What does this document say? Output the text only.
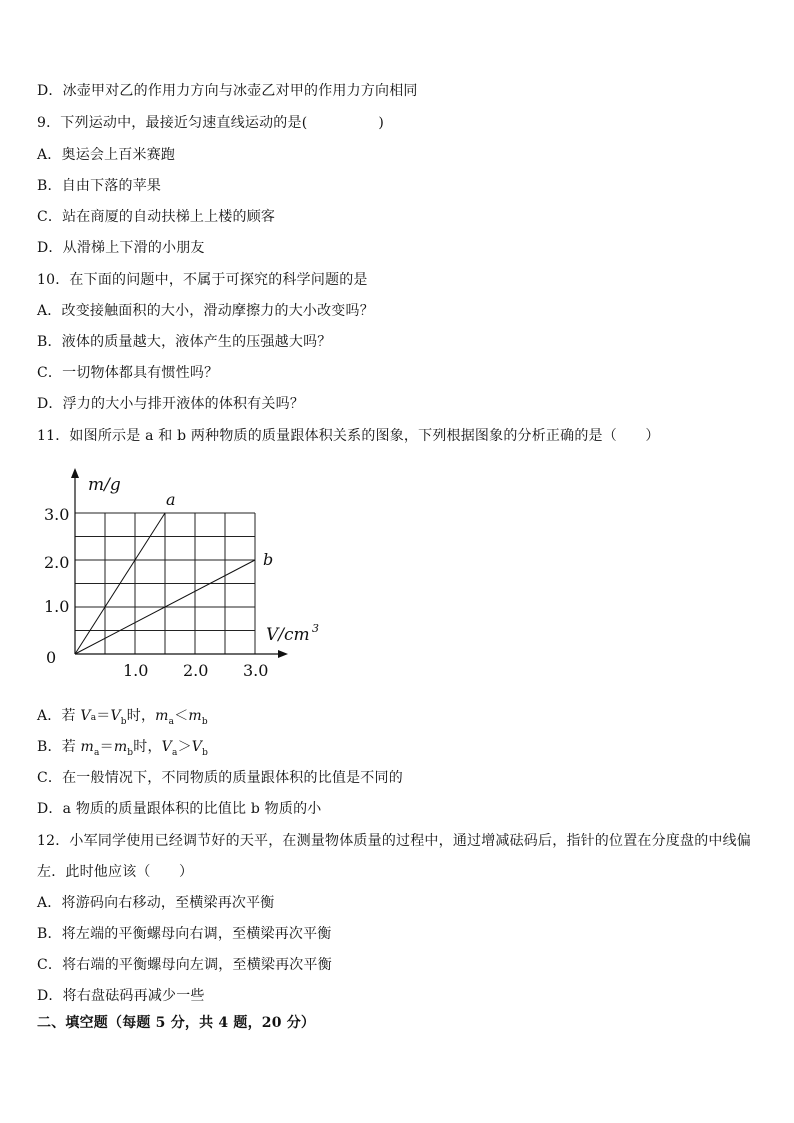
D．冰壶甲对乙的作用力方向与冰壶乙对甲的作用力方向相同
9．下列运动中，最接近匀速直线运动的是(　　　　　)
A．奥运会上百米赛跑
B．自由下落的苹果
C．站在商厦的自动扶梯上上楼的顾客
D．从滑梯上下滑的小朋友
10．在下面的问题中，不属于可探究的科学问题的是
A．改变接触面积的大小，滑动摩擦力的大小改变吗？
B．液体的质量越大，液体产生的压强越大吗？
C．一切物体都具有惯性吗？
D．浮力的大小与排开液体的体积有关吗？
11．如图所示是 a 和 b 两种物质的质量跟体积关系的图象，下列根据图象的分析正确的是（　　）
a
b
m/g
V/cm 3
0
1.0
2.0
3.0
1.0 2.0 3.0
A．若 $Va=V_b$时，$m_a<m_b$
B．若 $m_a=m_b$时，$V_a>V_b$
C．在一般情况下，不同物质的质量跟体积的比值是不同的
D．a 物质的质量跟体积的比值比 b 物质的小
12．小军同学使用已经调节好的天平，在测量物体质量的过程中，通过增减砝码后，指针的位置在分度盘的中线偏
左．此时他应该（　　）
A．将游码向右移动，至横梁再次平衡
B．将左端的平衡螺母向右调，至横梁再次平衡
C．将右端的平衡螺母向左调，至横梁再次平衡
D．将右盘砝码再减少一些
二、填空题（每题 5 分，共 4 题，20 分）
